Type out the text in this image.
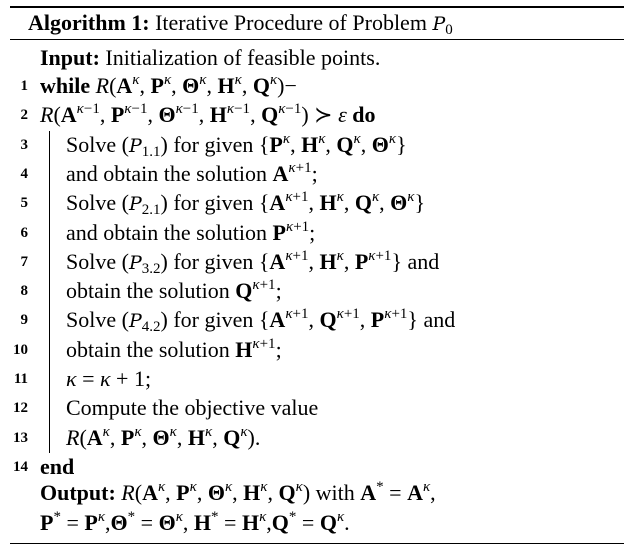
Algorithm 1: Iterative Procedure of Problem $P_0$
Input: Initialization of feasible points.
1 while $R(A^\kappa$, $P^\kappa$, $\Theta^\kappa$, $H^\kappa$, $Q^\kappa)-$
2 $R(A^{\kappa-1}$, $P^{\kappa-1}$, $\Theta^{\kappa-1}$, $H^{\kappa-1}$, $Q^{\kappa-1}$) ≻ ε do
3 Solve $(P_{1.1})$ for given {$P^\kappa$, $H^\kappa$, $Q^\kappa$, $\Theta^\kappa$}
4 and obtain the solution $A^{\kappa+1}$;
5 Solve $(P_{2.1})$ for given {$A^{\kappa+1}$, $H^\kappa$, $Q^\kappa$, $\Theta^\kappa$}
6 and obtain the solution $P^{\kappa+1}$;
7 Solve $(P_{3.2})$ for given {$A^{\kappa+1}$, $H^\kappa$, $P^{\kappa+1}$} and
8 obtain the solution $Q^{\kappa+1}$;
9 Solve $(P_{4.2})$ for given {$A^{\kappa+1}$, $Q^{\kappa+1}$, $P^{\kappa+1}$} and
10 obtain the solution $H^{\kappa+1}$;
11 κ = κ + 1;
12 Compute the objective value
13 $R(A^\kappa$, $P^\kappa$, $\Theta^\kappa$, $H^\kappa$, $Q^\kappa$).
14 end
Output: $R(A^\kappa$, $P^\kappa$, $\Theta^\kappa$, $H^\kappa$, $Q^\kappa$) with $A^* = A^\kappa$,
$P^* = P^\kappa,\Theta^* = \Theta^\kappa$, $H^* = H^\kappa,Q^* = Q^\kappa$.
